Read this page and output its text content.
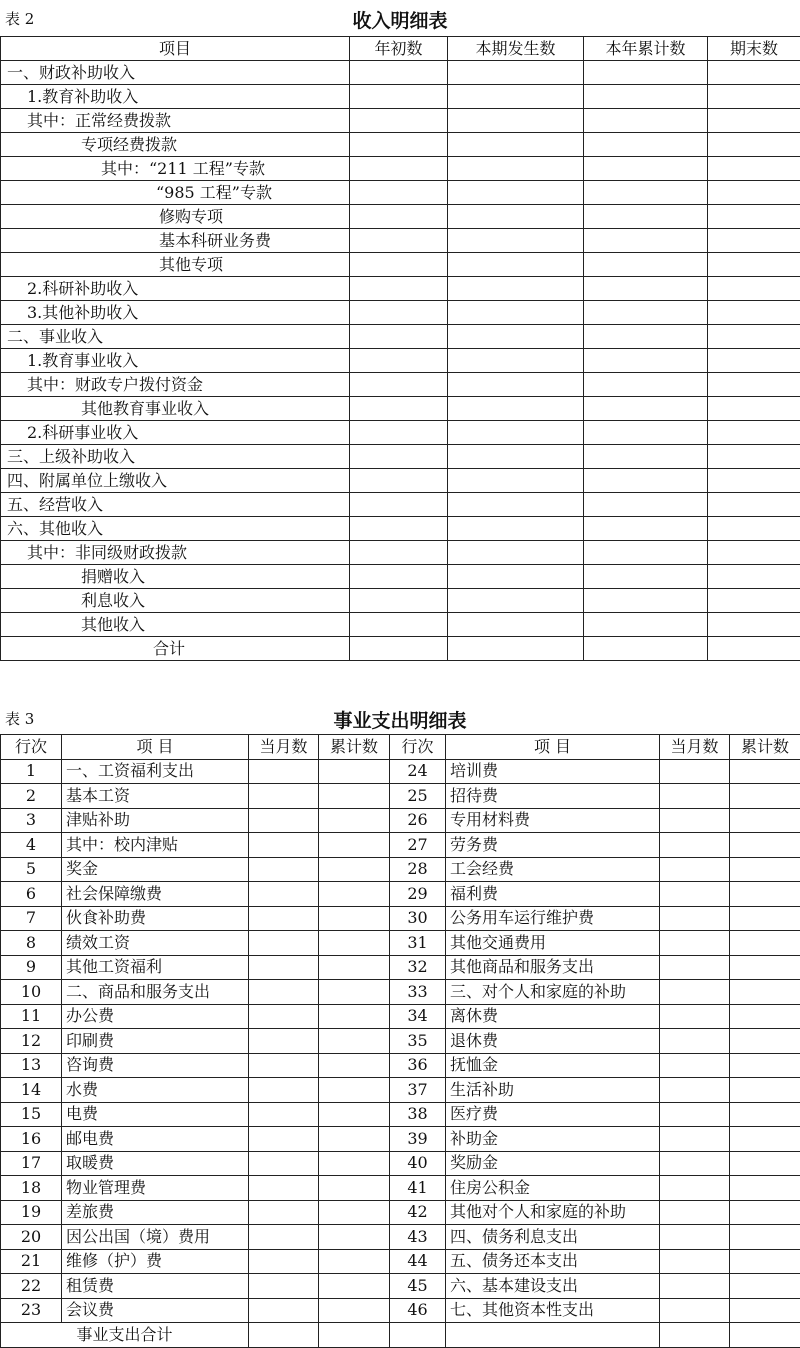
表 2	收入明细表
项目	年初数	本期发生数	本年累计数	期末数
一、财政补助收入				
1.教育补助收入				
其中：正常经费拨款				
专项经费拨款				
其中：“211 工程”专款				
“985 工程”专款				
修购专项				
基本科研业务费				
其他专项				
2.科研补助收入				
3.其他补助收入				
二、事业收入				
1.教育事业收入				
其中：财政专户拨付资金				
其他教育事业收入				
2.科研事业收入				
三、上级补助收入				
四、附属单位上缴收入				
五、经营收入				
六、其他收入				
其中：非同级财政拨款				
捐赠收入				
利息收入				
其他收入				
合计				
表 3	事业支出明细表
行次	项 目	当月数	累计数	行次	项 目	当月数	累计数
1	一、工资福利支出			24	培训费		
2	基本工资			25	招待费		
3	津贴补助			26	专用材料费		
4	其中：校内津贴			27	劳务费		
5	奖金			28	工会经费		
6	社会保障缴费			29	福利费		
7	伙食补助费			30	公务用车运行维护费		
8	绩效工资			31	其他交通费用		
9	其他工资福利			32	其他商品和服务支出		
10	二、商品和服务支出			33	三、对个人和家庭的补助		
11	办公费			34	离休费		
12	印刷费			35	退休费		
13	咨询费			36	抚恤金		
14	水费			37	生活补助		
15	电费			38	医疗费		
16	邮电费			39	补助金		
17	取暖费			40	奖励金		
18	物业管理费			41	住房公积金		
19	差旅费			42	其他对个人和家庭的补助		
20	因公出国（境）费用			43	四、债务利息支出		
21	维修（护）费			44	五、债务还本支出		
22	租赁费			45	六、基本建设支出		
23	会议费			46	七、其他资本性支出		
事业支出合计							
